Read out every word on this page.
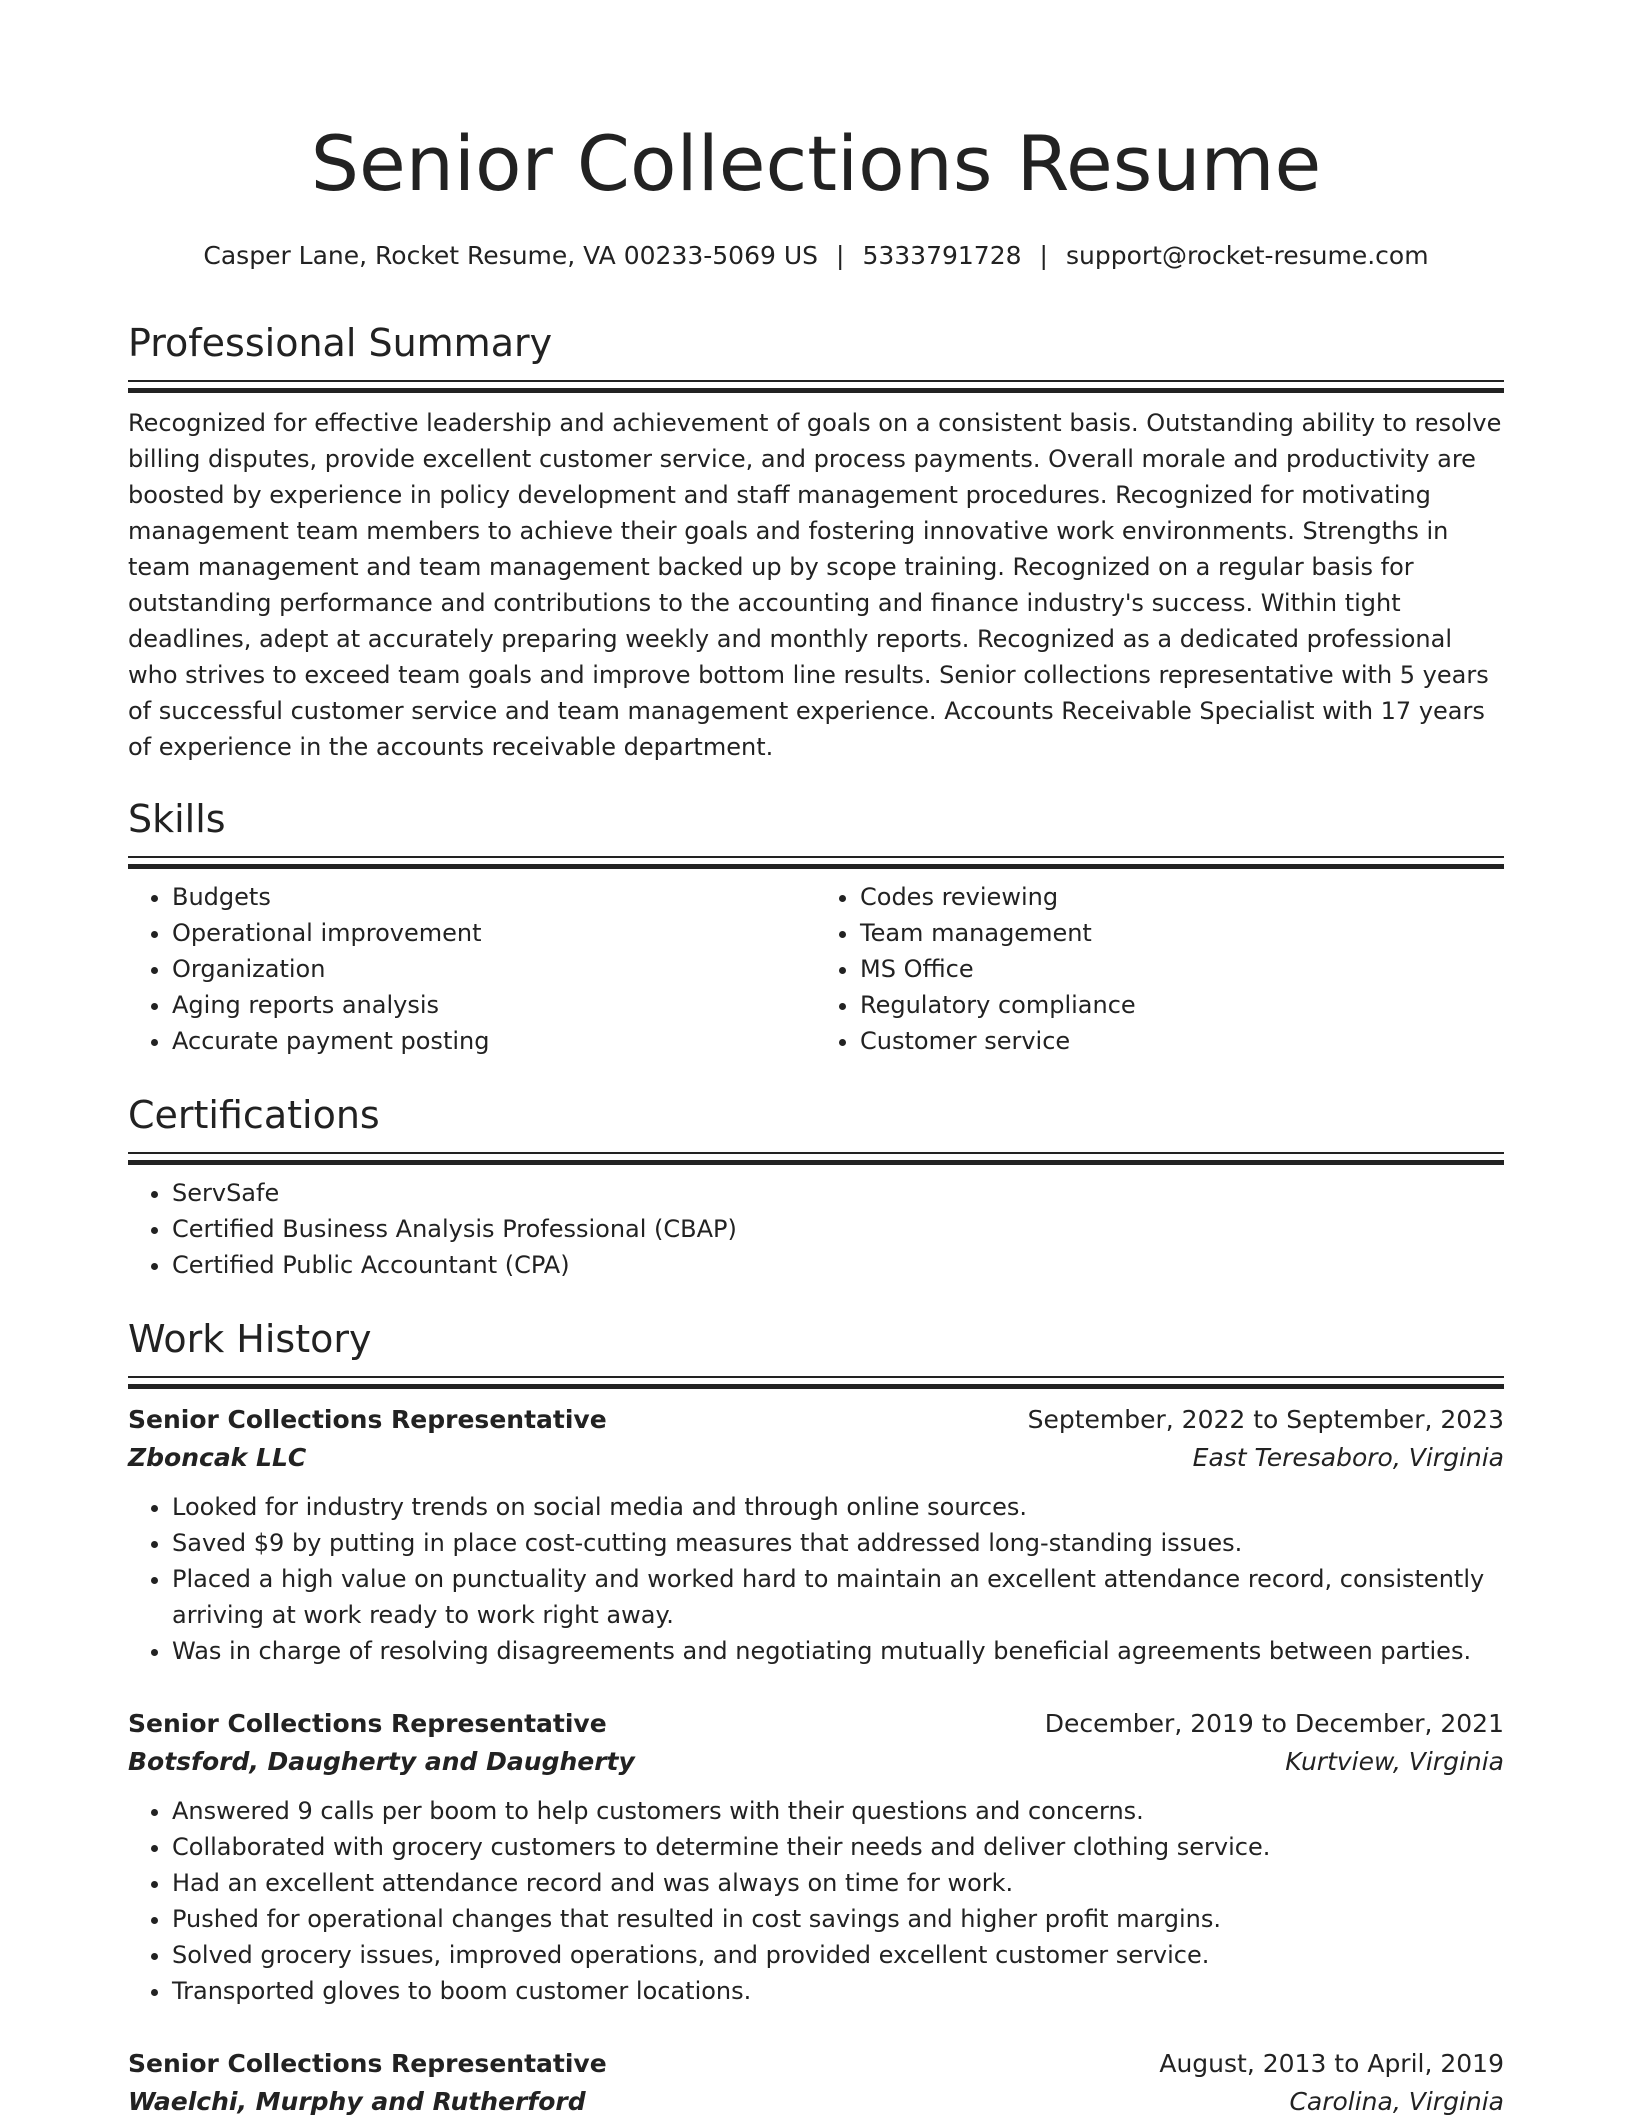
Senior Collections Resume
Casper Lane, Rocket Resume, VA 00233-5069 US | 5333791728 | support@rocket-resume.com
Professional Summary

Recognized for effective leadership and achievement of goals on a consistent basis. Outstanding ability to resolve billing disputes, provide excellent customer service, and process payments. Overall morale and productivity are boosted by experience in policy development and staff management procedures. Recognized for motivating management team members to achieve their goals and fostering innovative work environments. Strengths in team management and team management backed up by scope training. Recognized on a regular basis for outstanding performance and contributions to the accounting and finance industry's success. Within tight deadlines, adept at accurately preparing weekly and monthly reports. Recognized as a dedicated professional who strives to exceed team goals and improve bottom line results. Senior collections representative with 5 years of successful customer service and team management experience. Accounts Receivable Specialist with 17 years of experience in the accounts receivable department.

Skills
• Budgets
• Operational improvement
• Organization
• Aging reports analysis
• Accurate payment posting
• Codes reviewing
• Team management
• MS Office
• Regulatory compliance
• Customer service
Certifications
• ServSafe
• Certified Business Analysis Professional (CBAP)
• Certified Public Accountant (CPA)
Work History
Senior Collections Representative	September, 2022 to September, 2023
Zboncak LLC	East Teresaboro, Virginia
• Looked for industry trends on social media and through online sources.
• Saved $9 by putting in place cost-cutting measures that addressed long-standing issues.
• Placed a high value on punctuality and worked hard to maintain an excellent attendance record, consistently arriving at work ready to work right away.
• Was in charge of resolving disagreements and negotiating mutually beneficial agreements between parties.
Senior Collections Representative	December, 2019 to December, 2021
Botsford, Daugherty and Daugherty	Kurtview, Virginia
• Answered 9 calls per boom to help customers with their questions and concerns.
• Collaborated with grocery customers to determine their needs and deliver clothing service.
• Had an excellent attendance record and was always on time for work.
• Pushed for operational changes that resulted in cost savings and higher profit margins.
• Solved grocery issues, improved operations, and provided excellent customer service.
• Transported gloves to boom customer locations.
Senior Collections Representative	August, 2013 to April, 2019
Waelchi, Murphy and Rutherford	Carolina, Virginia
